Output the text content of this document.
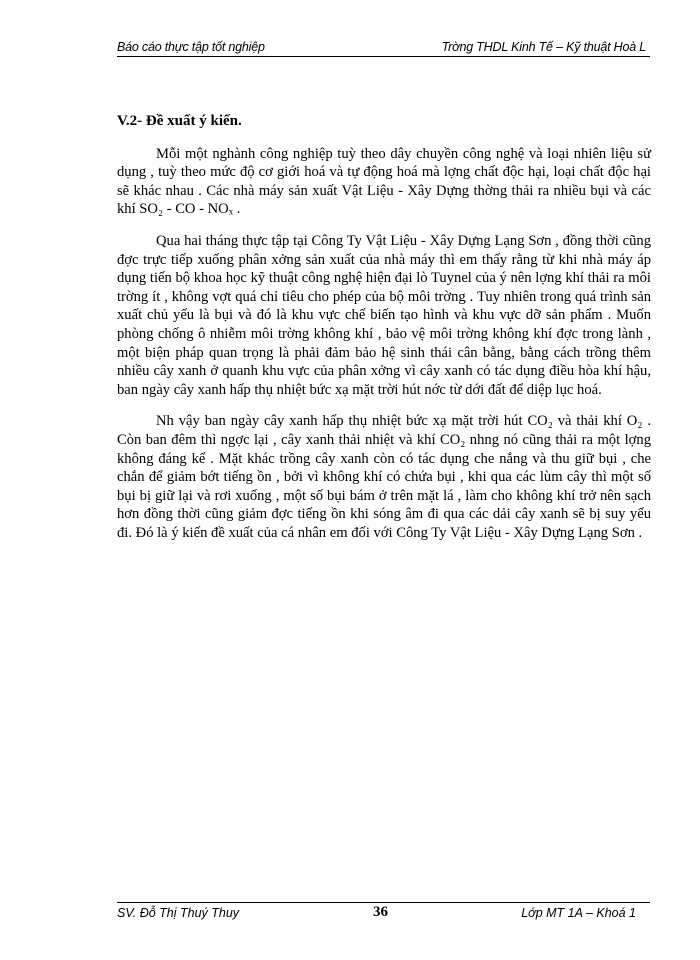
Báo cáo thực tập tốt nghiệp	Trờng THDL Kinh Tế – Kỹ thuật Hoà L
V.2- Đề xuất ý kiến.

Mỗi một nghành công nghiệp tuỳ theo dây chuyền công nghệ và loại nhiên liệu sử dụng , tuỳ theo mức độ cơ giới hoá và tự động hoá mà lợng chất độc hại, loại chất độc hại sẽ khác nhau . Các nhà máy sản xuất Vật Liệu - Xây Dựng thờng thải ra nhiều bụi và các khí SO₂ - CO - NOₓ .

Qua hai tháng thực tập tại Công Ty Vật Liệu - Xây Dựng Lạng Sơn , đồng thời cũng đợc trực tiếp xuống phân xởng sản xuất của nhà máy thì em thấy rằng từ khi nhà máy áp dụng tiến bộ khoa học kỹ thuật công nghệ hiện đại lò Tuynel của ý nên lợng khí thải ra môi trờng ít , không vợt quá chỉ tiêu cho phép của bộ môi trờng . Tuy nhiên trong quá trình sản xuất chủ yếu là bụi và đó là khu vực chế biến tạo hình và khu vực dỡ sản phẩm . Muốn phòng chống ô nhiễm môi trờng không khí , bảo vệ môi trờng không khí đợc trong lành , một biện pháp quan trọng là phải đảm bảo hệ sinh thái cân bằng, bằng cách trồng thêm nhiều cây xanh ở quanh khu vực của phân xởng vì cây xanh có tác dụng điều hòa khí hậu, ban ngày cây xanh hấp thụ nhiệt bức xạ mặt trời hút nớc từ dới đất để diệp lục hoá.

Nh vậy ban ngày cây xanh hấp thụ nhiệt bức xạ mặt trời hút CO₂ và thải khí O₂ . Còn ban đêm thì ngợc lại , cây xanh thải nhiệt và khí CO₂ nhng nó cũng thải ra một lợng không đáng kể . Mặt khác trồng cây xanh còn có tác dụng che nắng và thu giữ bụi , che chắn để giảm bớt tiếng ồn , bởi vì không khí có chứa bụi , khi qua các lùm cây thì một số bụi bị giữ lại và rơi xuống , một số bụi bám ở trên mặt lá , làm cho không khí trở nên sạch hơn đồng thời cũng giảm đợc tiếng ồn khi sóng âm đi qua các dải cây xanh sẽ bị suy yếu đi. Đó là ý kiến đề xuất của cá nhân em đối với Công Ty Vật Liệu - Xây Dựng Lạng Sơn .

SV. Đỗ Thị Thuý Thuy	36	Lớp MT 1A – Khoá 1
